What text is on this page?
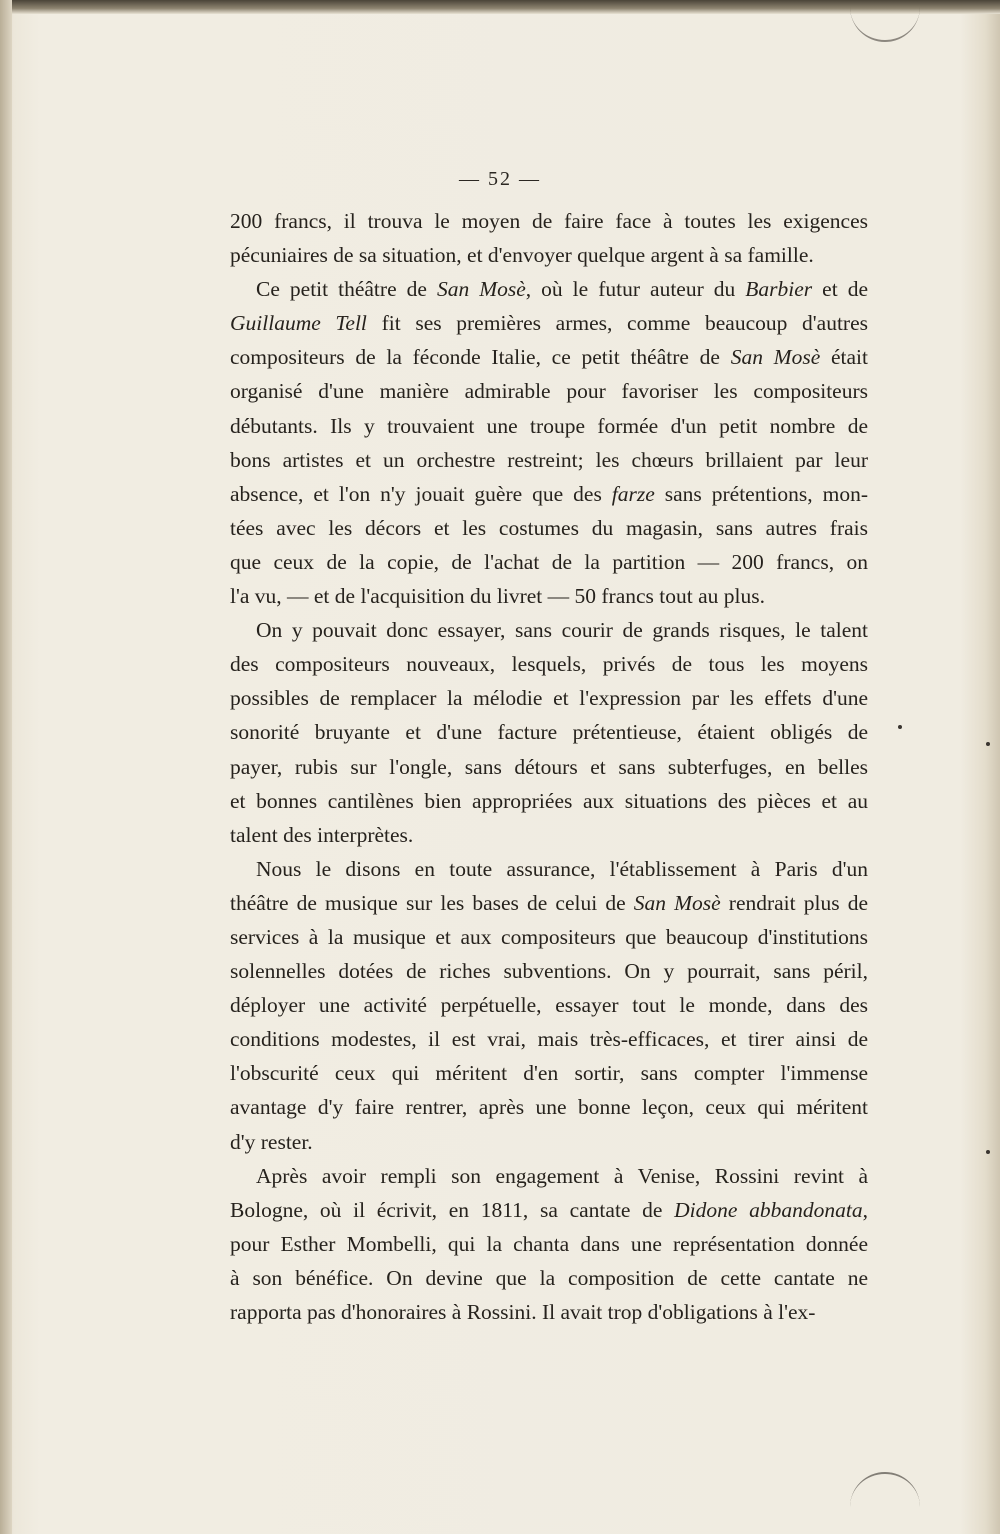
— 52 —

200 francs, il trouva le moyen de faire face à toutes les exigences
pécuniaires de sa situation, et d'envoyer quelque argent à sa famille.

Ce petit théâtre de San Mosè, où le futur auteur du Barbier et de
Guillaume Tell fit ses premières armes, comme beaucoup d'autres
compositeurs de la féconde Italie, ce petit théâtre de San Mosè était
organisé d'une manière admirable pour favoriser les compositeurs
débutants. Ils y trouvaient une troupe formée d'un petit nombre de
bons artistes et un orchestre restreint; les chœurs brillaient par leur
absence, et l'on n'y jouait guère que des farze sans prétentions, mon-
tées avec les décors et les costumes du magasin, sans autres frais
que ceux de la copie, de l'achat de la partition — 200 francs, on
l'a vu, — et de l'acquisition du livret — 50 francs tout au plus.

On y pouvait donc essayer, sans courir de grands risques, le talent
des compositeurs nouveaux, lesquels, privés de tous les moyens
possibles de remplacer la mélodie et l'expression par les effets d'une
sonorité bruyante et d'une facture prétentieuse, étaient obligés de
payer, rubis sur l'ongle, sans détours et sans subterfuges, en belles
et bonnes cantilènes bien appropriées aux situations des pièces et au
talent des interprètes.

Nous le disons en toute assurance, l'établissement à Paris d'un
théâtre de musique sur les bases de celui de San Mosè rendrait plus de
services à la musique et aux compositeurs que beaucoup d'institutions
solennelles dotées de riches subventions. On y pourrait, sans péril,
déployer une activité perpétuelle, essayer tout le monde, dans des
conditions modestes, il est vrai, mais très-efficaces, et tirer ainsi de
l'obscurité ceux qui méritent d'en sortir, sans compter l'immense
avantage d'y faire rentrer, après une bonne leçon, ceux qui méritent
d'y rester.

Après avoir rempli son engagement à Venise, Rossini revint à
Bologne, où il écrivit, en 1811, sa cantate de Didone abbandonata,
pour Esther Mombelli, qui la chanta dans une représentation donnée
à son bénéfice. On devine que la composition de cette cantate ne
rapporta pas d'honoraires à Rossini. Il avait trop d'obligations à l'ex-
